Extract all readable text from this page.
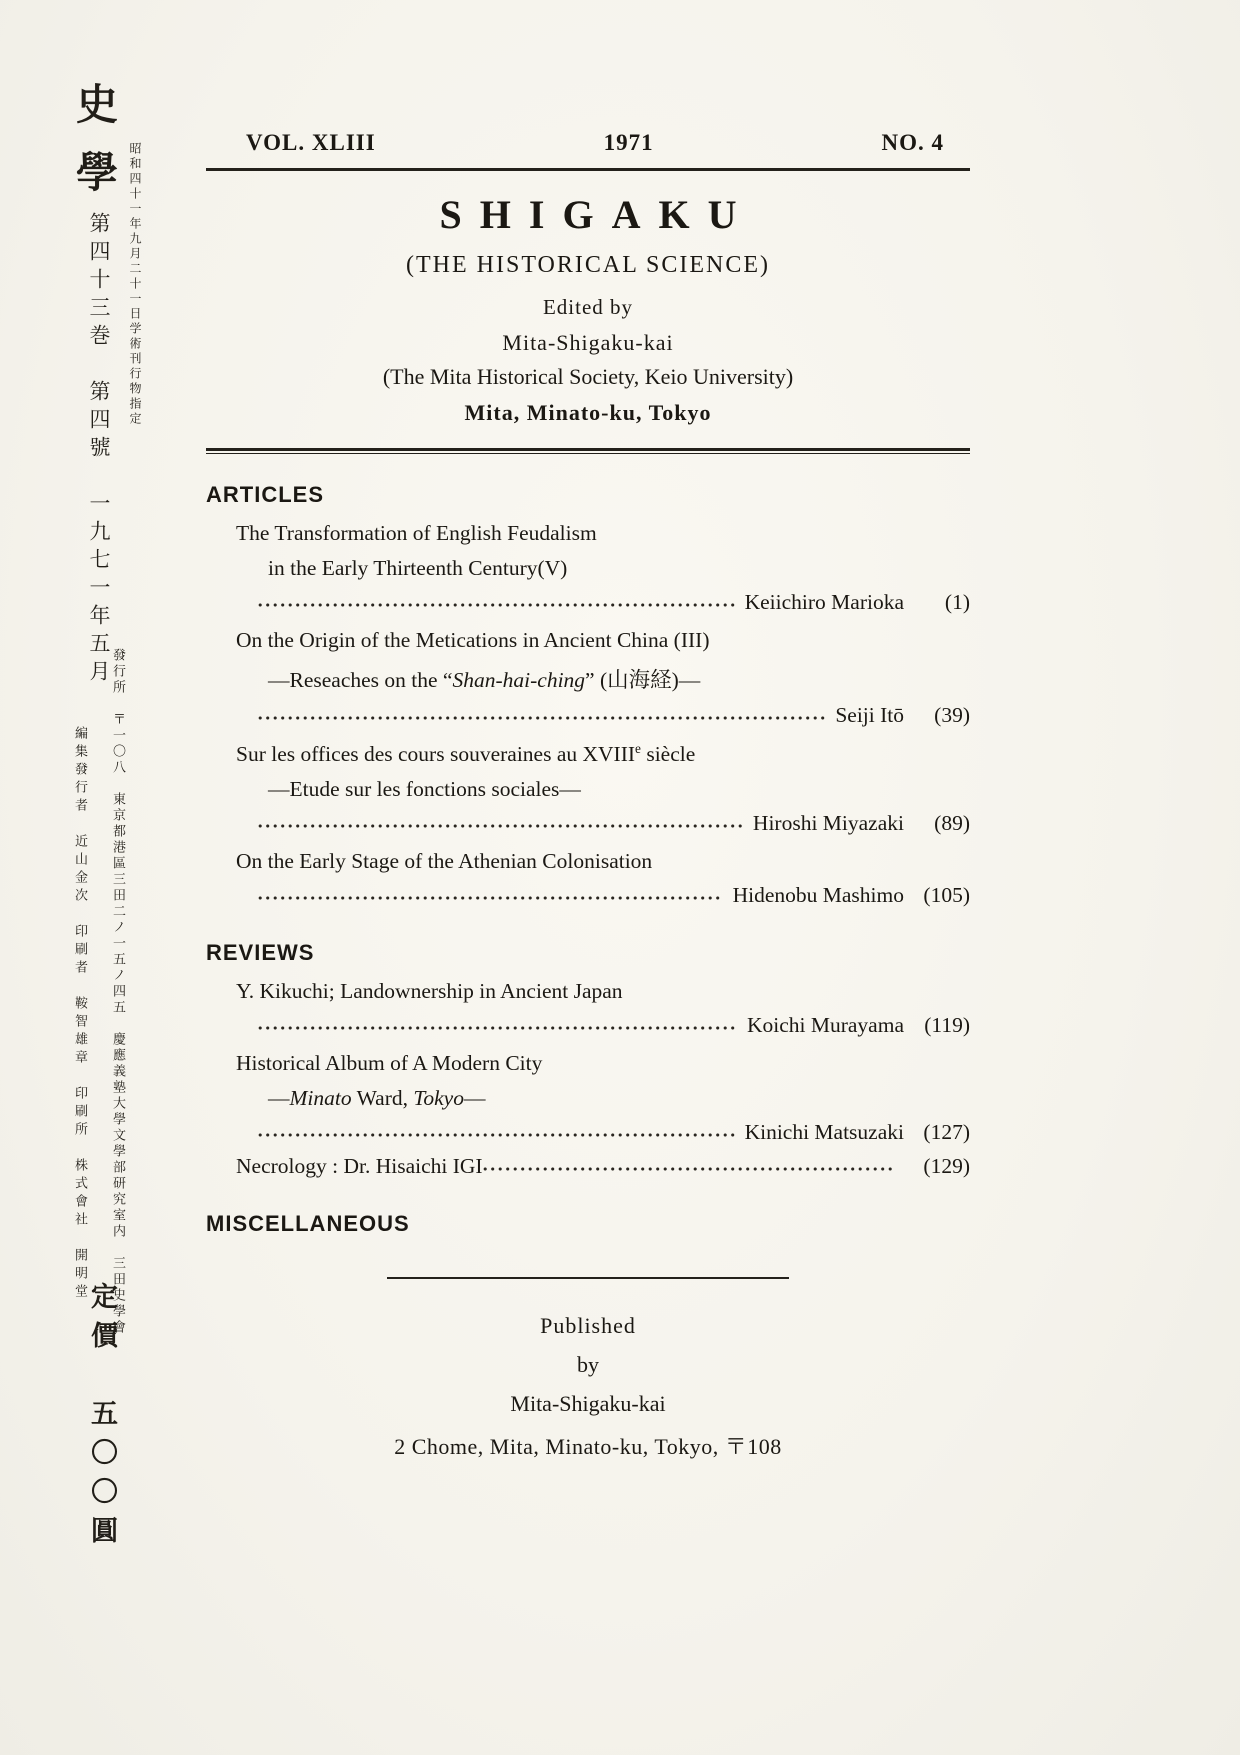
史學 昭和四十一年九月二十一日学術刊行物指定
第四十三巻　第四號　一九七一年五月
發行所　〒一〇八　東京都港區三田二ノ一五ノ四五　慶應義塾大學文學部研究室内　三田史學會
編集發行者　近山金次　印刷者　鞍智雄章　印刷所　株式會社　開明堂
定價　五〇〇圓
VOL. XLIII	1971	NO. 4
SHIGAKU
(THE HISTORICAL SCIENCE)
Edited by
Mita-Shigaku-kai
(The Mita Historical Society, Keio University)
Mita, Minato-ku, Tokyo
ARTICLES
The Transformation of English Feudalism
in the Early Thirteenth Century(V)
Keiichiro Marioka	(1)
On the Origin of the Metications in Ancient China (III)
—Reseaches on the “Shan-hai-ching” (山海経)—
Seiji Itō	(39)
Sur les offices des cours souveraines au XVIIIe siècle
—Etude sur les fonctions sociales—
Hiroshi Miyazaki	(89)
On the Early Stage of the Athenian Colonisation
Hidenobu Mashimo (105)
REVIEWS
Y. Kikuchi; Landownership in Ancient Japan
Koichi Murayama (119)
Historical Album of A Modern City
—Minato Ward, Tokyo—
Kinichi Matsuzaki (127)
Necrology : Dr. Hisaichi IGI	(129)
MISCELLANEOUS
Published
by
Mita-Shigaku-kai
2 Chome, Mita, Minato-ku, Tokyo, 〒108
